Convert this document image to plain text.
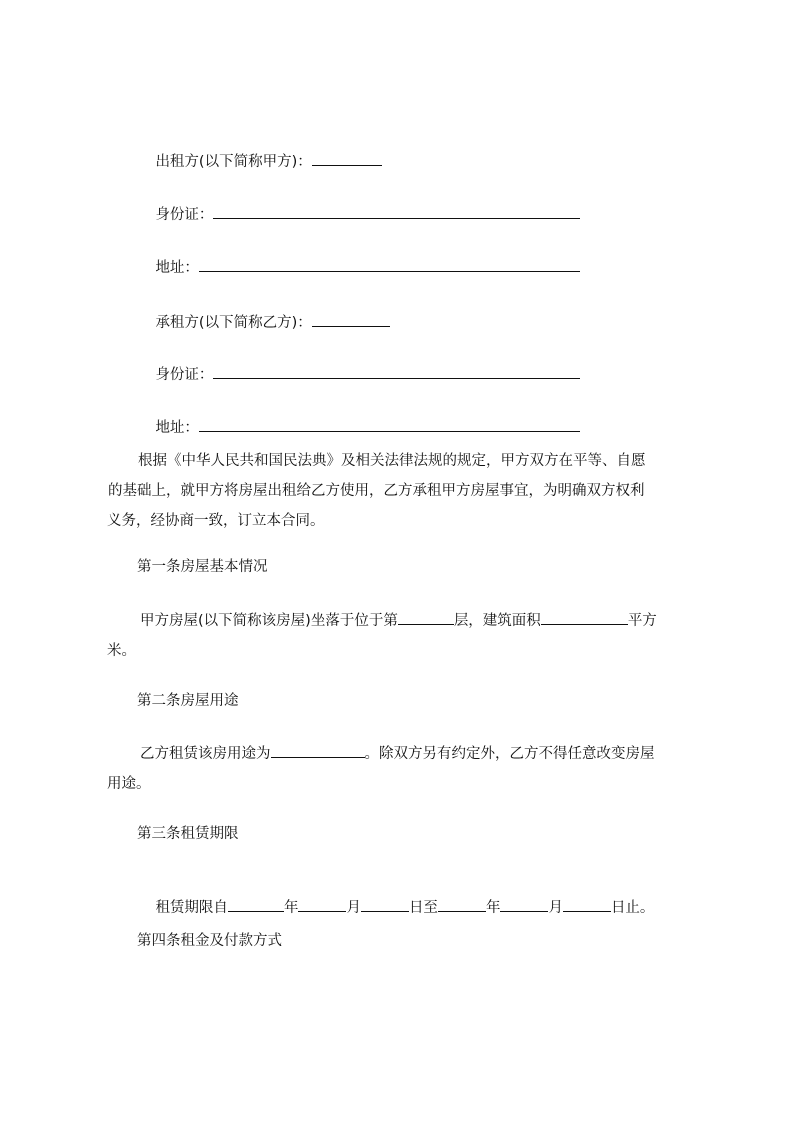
出租方(以下简称甲方)：

身份证：

地址：

承租方(以下简称乙方)：

身份证：

地址：

根据《中华人民共和国民法典》及相关法律法规的规定，甲方双方在平等、自愿
的基础上，就甲方将房屋出租给乙方使用，乙方承租甲方房屋事宜，为明确双方权利
义务，经协商一致，订立本合同。
第一条房屋基本情况
甲方房屋(以下简称该房屋)坐落于位于第	层，建筑面积	平方
米。
第二条房屋用途
乙方租赁该房用途为	。除双方另有约定外，乙方不得任意改变房屋
用途。
第三条租赁期限

租赁期限自	年	月	日至	年	月	日止。

第四条租金及付款方式
